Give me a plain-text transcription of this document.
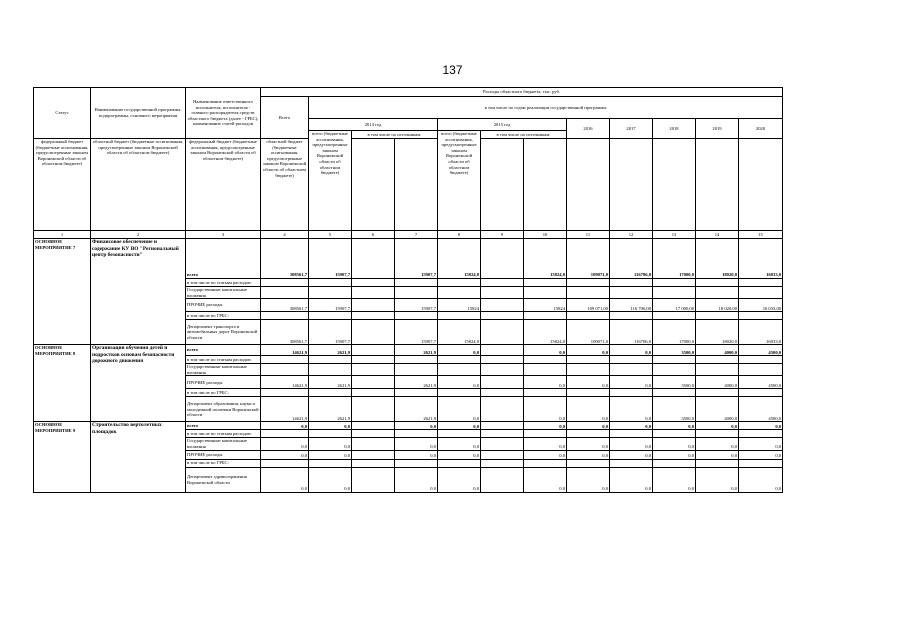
137
Статус	Наименование государственной программы, подпрограммы, основного мероприятия	Наименование ответственного исполнителя, исполнителя - главного распорядителя средств областного бюджета (далее - ГРБС), наименование статей расходов	Расходы областного бюджета, тыс. руб.												
			Всего	в том числе по годам реализации государственной программы											
				2014 год			2015 год			2016	2017	2018	2019	2020	
				всего (бюджетные ассигнования, предусмотренные законом Воронежской области об областном бюджете)	в том числе по источникам:		всего (бюджетные ассигнования, предусмотренные законом Воронежской области об областном бюджете)	в том числе по источникам:							
федеральный бюджет (бюджетные ассигнования, предусмотренные законом Воронежской области об областном бюджете)	областной бюджет (бюджетные ассигнования, предусмотренные законом Воронежской области об областном бюджете)	федеральный бюджет (бюджетные ассигнования, предусмотренные законом Воронежской области об областном бюджете)	областной бюджет (бюджетные ассигнования, предусмотренные законом Воронежской области об областном бюджете)															
1	2	3	4	5	6	7	8	9	10	11	12	13	14	15	
ОСНОВНОЕ МЕРОПРИЯТИЕ 7	Финансовое обеспечение и содержание КУ ВО "Региональный центр безопасности"	всего	308561,7	15907,7		15907,7	15824,0		15824,0	109071,0	116706,0	17000,0	18020,0	16033,0	
		в том числе по статьям расходов:													
		Государственные капитальные вложения													
		ПРОЧИЕ расходы	308561,7	15907,7		15907,7	15824		15824	109 071,00	116 706,00	17 000,00	18 020,00	16 033,00	
		в том числе по ГРБС:													
		Департамент транспорта и автомобильных дорог Воронежской области	308561,7	15907,7		15907,7	15824,0		15824,0	109071,0	116706,0	17000,0	18020,0	16033,0	
ОСНОВНОЕ МЕРОПРИЯТИЕ 8	Организация обучения детей и подростков основам безопасности дорожного движения	всего	14621,9	2621,9		2621,9	0,0		0,0	0,0	0,0	3500,0	4000,0	4500,0	
		в том числе по статьям расходов:													
		Государственные капитальные вложения													
		ПРОЧИЕ расходы	14621,9	2621,9		2621,9	0,0		0,0	0,0	0,0	3500,0	4000,0	4500,0	
		в том числе по ГРБС:													
		Департамент образования, науки и молодежной политики Воронежской области	14621,9	2621,9		2621,9	0,0		0,0	0,0	0,0	3500,0	4000,0	4500,0	
ОСНОВНОЕ МЕРОПРИЯТИЕ 9	Строительство вертолетных площадок	всего	0,0	0,0		0,0	0,0		0,0	0,0	0,0	0,0	0,0	0,0	
		в том числе по статьям расходов:													
		Государственные капитальные вложения	0,0	0,0		0,0	0,0		0,0	0,0	0,0	0,0	0,0	0,0	
		ПРОЧИЕ расходы	0,0	0,0		0,0	0,0		0,0	0,0	0,0	0,0	0,0	0,0	
		в том числе по ГРБС:													
		Департамент здравоохранения Воронежской области	0,0	0,0		0,0	0,0		0,0	0,0	0,0	0,0	0,0	0,0	
